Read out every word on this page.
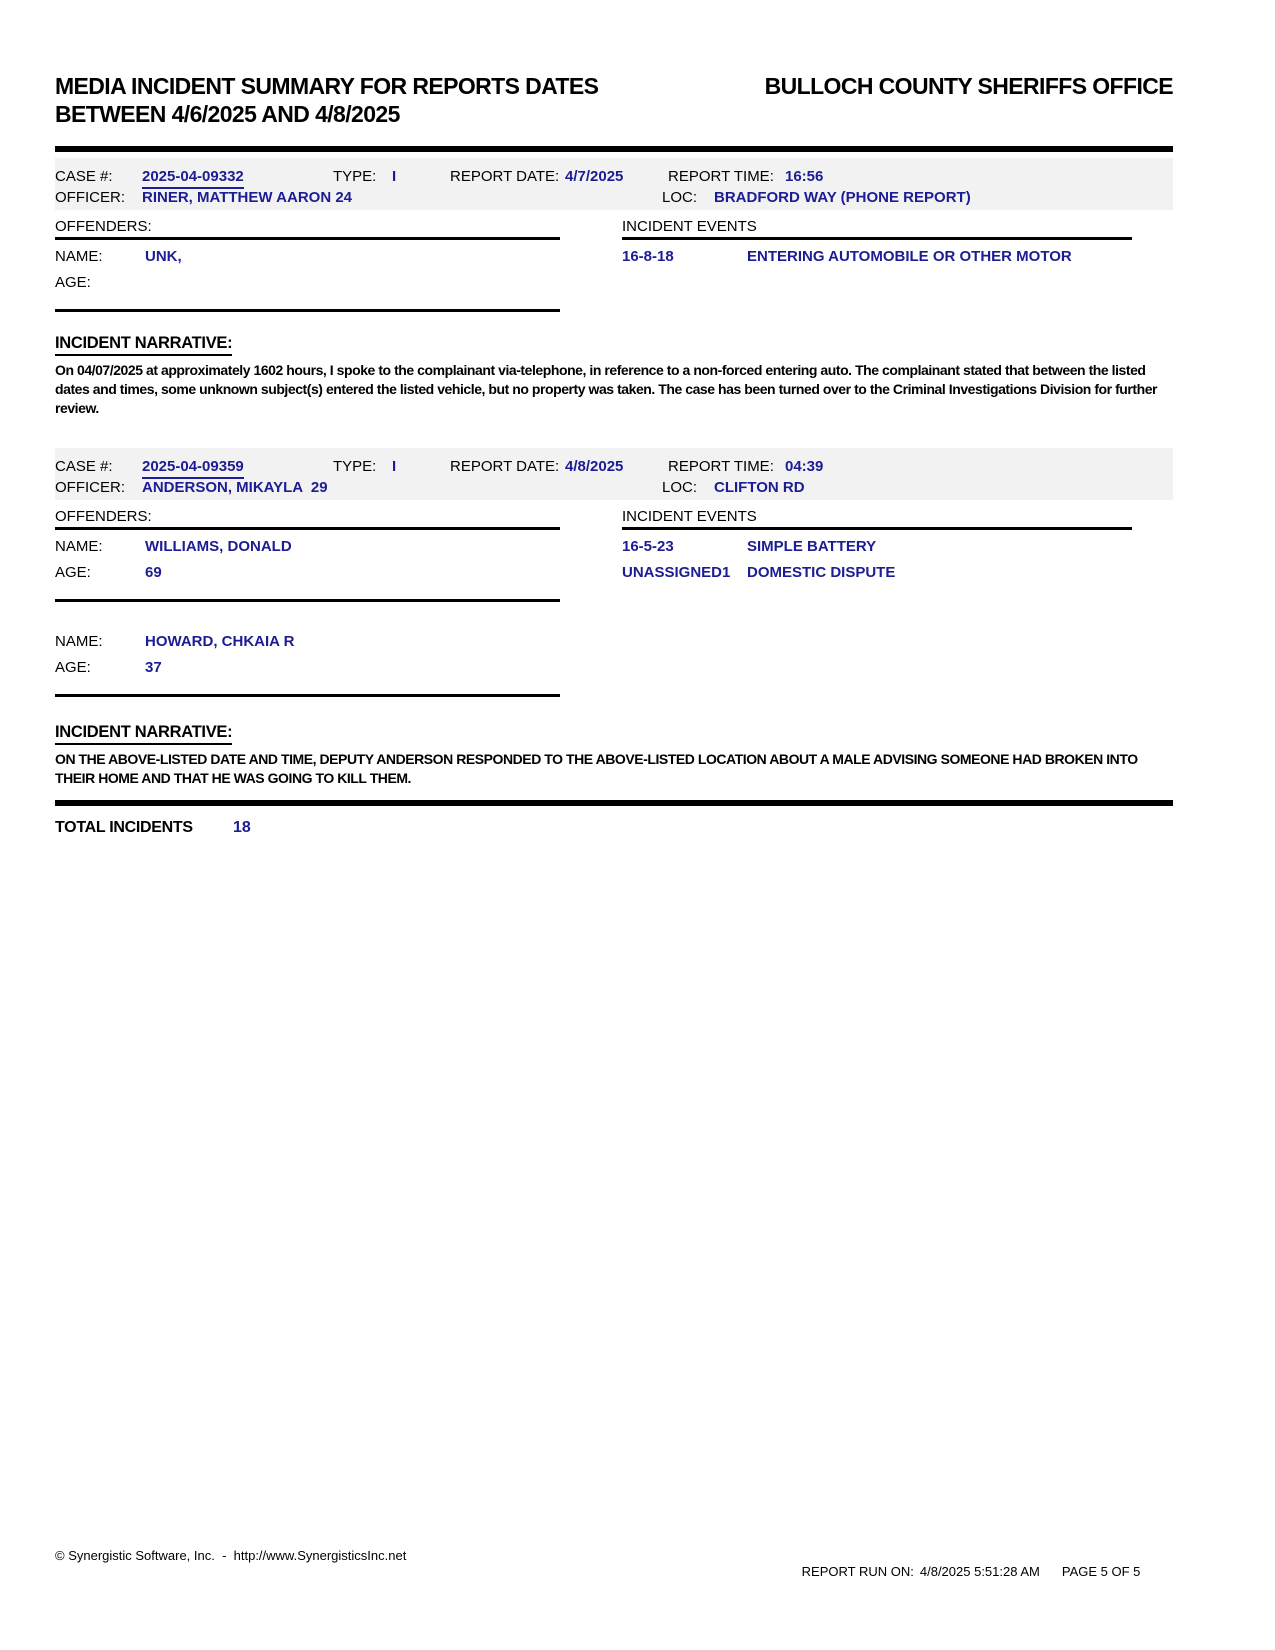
MEDIA INCIDENT SUMMARY FOR REPORTS DATES
BETWEEN 4/6/2025 AND 4/8/2025
BULLOCH COUNTY SHERIFFS OFFICE
CASE #: 2025-04-09332	TYPE: I	REPORT DATE: 4/7/2025	REPORT TIME: 16:56
OFFICER: RINER, MATTHEW AARON 24	LOC: BRADFORD WAY (PHONE REPORT)
OFFENDERS:
NAME:	UNK,
AGE:
INCIDENT EVENTS
16-8-18	ENTERING AUTOMOBILE OR OTHER MOTOR
INCIDENT NARRATIVE:

On 04/07/2025 at approximately 1602 hours, I spoke to the complainant via-telephone, in reference to a non-forced entering auto. The complainant stated that between the listed dates and times, some unknown subject(s) entered the listed vehicle, but no property was taken. The case has been turned over to the Criminal Investigations Division for further review.

CASE #: 2025-04-09359	TYPE: I	REPORT DATE: 4/8/2025	REPORT TIME: 04:39
OFFICER: ANDERSON, MIKAYLA  29	LOC: CLIFTON RD
OFFENDERS:
NAME:	WILLIAMS, DONALD
AGE:	69
NAME:	HOWARD, CHKAIA R
AGE:	37
INCIDENT EVENTS
16-5-23	SIMPLE BATTERY
UNASSIGNED1 DOMESTIC DISPUTE
INCIDENT NARRATIVE:

ON THE ABOVE-LISTED DATE AND TIME, DEPUTY ANDERSON RESPONDED TO THE ABOVE-LISTED LOCATION ABOUT A MALE ADVISING SOMEONE HAD BROKEN INTO THEIR HOME AND THAT HE WAS GOING TO KILL THEM.

TOTAL INCIDENTS	18
© Synergistic Software, Inc.  -  http://www.SynergisticsInc.net

REPORT RUN ON: 4/8/2025 5:51:28 AM PAGE 5 OF 5
